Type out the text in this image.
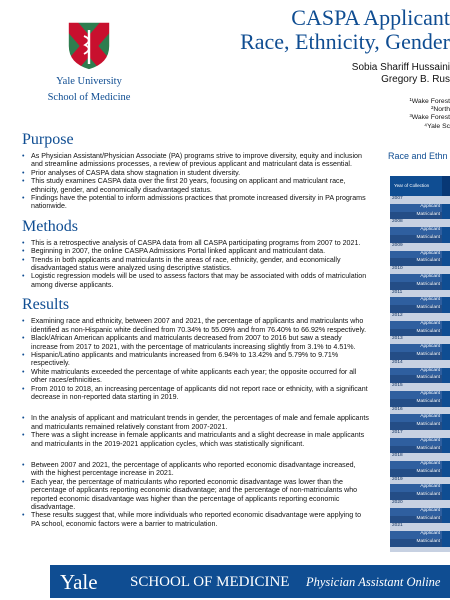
Yale University
School of Medicine
CASPA Applicant
Race, Ethnicity, Gender
Sobia Shariff Hussaini
Gregory B. Rus
¹Wake Forest
²North
³Wake Forest
⁴Yale Sc
Purpose
• As Physician Assistant/Physician Associate (PA) programs strive to improve diversity, equity and inclusion and streamline admissions processes, a review of previous applicant and matriculant data is essential.
• Prior analyses of CASPA data show stagnation in student diversity.
• This study examines CASPA data over the first 20 years, focusing on applicant and matriculant race, ethnicity, gender, and economically disadvantaged status.
• Findings have the potential to inform admissions practices that promote increased diversity in PA programs nationwide.
Methods
• This is a retrospective analysis of CASPA data from all CASPA participating programs from 2007 to 2021.
• Beginning in 2007, the online CASPA Admissions Portal linked applicant and matriculant data.
• Trends in both applicants and matriculants in the areas of race, ethnicity, gender, and economically disadvantaged status were analyzed using descriptive statistics.
• Logistic regression models will be used to assess factors that may be associated with odds of matriculation among diverse applicants.
Results
• Examining race and ethnicity, between 2007 and 2021, the percentage of applicants and matriculants who identified as non-Hispanic white declined from 70.34% to 55.09% and from 76.40% to 66.92% respectively.
• Black/African American applicants and matriculants decreased from 2007 to 2016 but saw a steady increase from 2017 to 2021, with the percentage of matriculants increasing slightly from 3.1% to 4.51%.
• Hispanic/Latino applicants and matriculants increased from 6.94% to 13.42% and 5.79% to 9.71% respectively.
• White matriculants exceeded the percentage of white applicants each year; the opposite occurred for all other races/ethnicities.
• From 2010 to 2018, an increasing percentage of applicants did not report race or ethnicity, with a significant decrease in non-reported data starting in 2019.
• In the analysis of applicant and matriculant trends in gender, the percentages of male and female applicants and matriculants remained relatively constant from 2007-2021.
• There was a slight increase in female applicants and matriculants and a slight decrease in male applicants and matriculants in the 2019-2021 application cycles, which was statistically significant.
• Between 2007 and 2021, the percentage of applicants who reported economic disadvantage increased, with the highest percentage increase in 2021.
• Each year, the percentage of matriculants who reported economic disadvantage was lower than the percentage of applicants reporting economic disadvantage; and the percentage of non-matriculants who reported economic disadvantage was higher than the percentage of applicants reporting economic disadvantage.
• These results suggest that, while more individuals who reported economic disadvantage were applying to PA school, economic factors were a barrier to matriculation.
Race and Ethn
Year of Collection
2007
Applicant
Matriculant
2008
Applicant
Matriculant
2009
Applicant
Matriculant
2010
Applicant
Matriculant
2011
Applicant
Matriculant
2012
Applicant
Matriculant
2013
Applicant
Matriculant
2014
Applicant
Matriculant
2015
Applicant
Matriculant
2016
Applicant
Matriculant
2017
Applicant
Matriculant
2018
Applicant
Matriculant
2019
Applicant
Matriculant
2020
Applicant
Matriculant
2021
Applicant
Matriculant
Yale SCHOOL OF MEDICINE Physician Assistant Online
